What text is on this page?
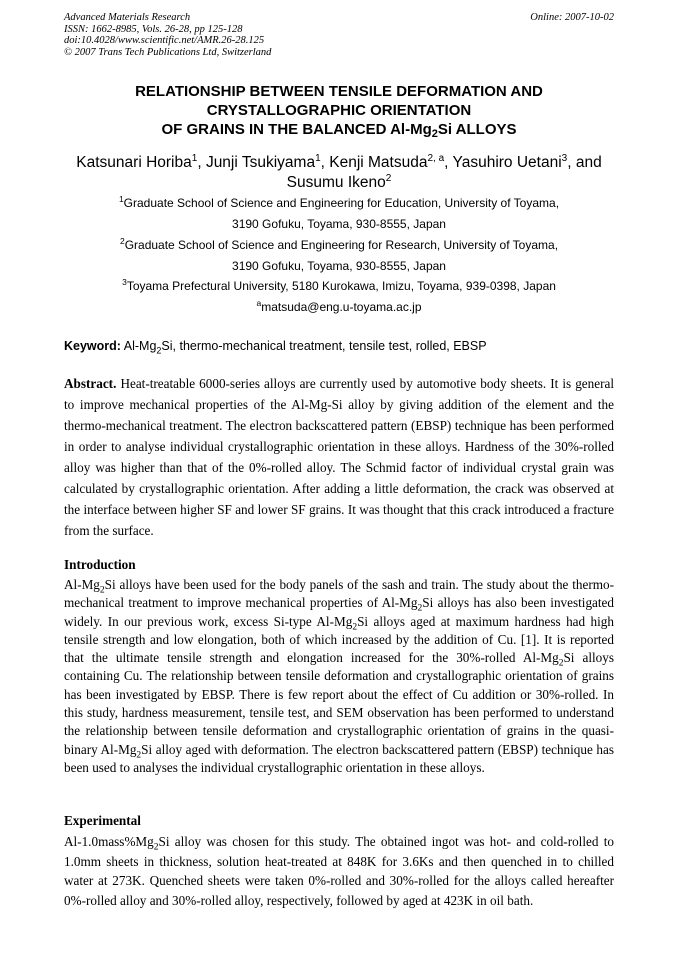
Advanced Materials Research
ISSN: 1662-8985, Vols. 26-28, pp 125-128
doi:10.4028/www.scientific.net/AMR.26-28.125
© 2007 Trans Tech Publications Ltd, Switzerland
Online: 2007-10-02
RELATIONSHIP BETWEEN TENSILE DEFORMATION AND
CRYSTALLOGRAPHIC ORIENTATION
OF GRAINS IN THE BALANCED $Al-Mg_2Si$ ALLOYS
Katsunari Horiba$^1$, Junji Tsukiyama$^1$, Kenji Matsuda$^{2, a}$, Yasuhiro Uetani$^3$, and
Susumu Ikeno$^2$
$^1$Graduate School of Science and Engineering for Education, University of Toyama,
3190 Gofuku, Toyama, 930-8555, Japan
$^2$Graduate School of Science and Engineering for Research, University of Toyama,
3190 Gofuku, Toyama, 930-8555, Japan
$^3$Toyama Prefectural University, 5180 Kurokawa, Imizu, Toyama, 939-0398, Japan
$^a$matsuda@eng.u-toyama.ac.jp
Keyword: $Al-Mg_2Si$, thermo-mechanical treatment, tensile test, rolled, EBSP
Abstract. Heat-treatable 6000-series alloys are currently used by automotive body sheets. It is general to improve mechanical properties of the Al-Mg-Si alloy by giving addition of the element and the thermo-mechanical treatment. The electron backscattered pattern (EBSP) technique has been performed in order to analyse individual crystallographic orientation in these alloys. Hardness of the 30%-rolled alloy was higher than that of the 0%-rolled alloy. The Schmid factor of individual crystal grain was calculated by crystallographic orientation. After adding a little deformation, the crack was observed at the interface between higher SF and lower SF grains. It was thought that this crack introduced a fracture from the surface.
Introduction
$Al-Mg_2Si$ alloys have been used for the body panels of the sash and train. The study about the thermo-mechanical treatment to improve mechanical properties of $Al-Mg_2Si$ alloys has also been investigated widely. In our previous work, excess Si-type $Al-Mg_2Si$ alloys aged at maximum hardness had high tensile strength and low elongation, both of which increased by the addition of Cu. [1]. It is reported that the ultimate tensile strength and elongation increased for the 30%-rolled $Al-Mg_2Si$ alloys containing Cu. The relationship between tensile deformation and crystallographic orientation of grains has been investigated by EBSP. There is few report about the effect of Cu addition or 30%-rolled. In this study, hardness measurement, tensile test, and SEM observation has been performed to understand the relationship between tensile deformation and crystallographic orientation of grains in the quasi-binary $Al-Mg_2Si$ alloy aged with deformation. The electron backscattered pattern (EBSP) technique has been used to analyses the individual crystallographic orientation in these alloys.
Experimental
$Al-1.0mass\%Mg_2Si$ alloy was chosen for this study. The obtained ingot was hot- and cold-rolled to 1.0mm sheets in thickness, solution heat-treated at 848K for 3.6Ks and then quenched in to chilled water at 273K. Quenched sheets were taken 0%-rolled and 30%-rolled for the alloys called hereafter 0%-rolled alloy and 30%-rolled alloy, respectively, followed by aged at 423K in oil bath.
